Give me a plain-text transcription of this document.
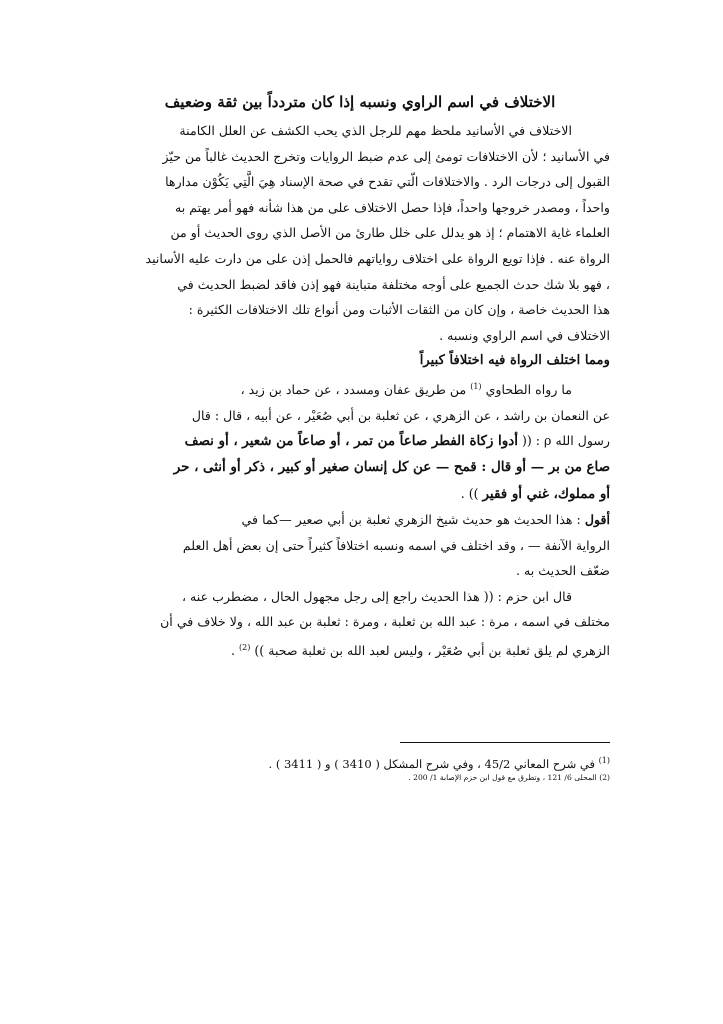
الاختلاف في اسم الراوي ونسبه إذا كان متردداً بين ثقة وضعيف

الاختلاف في الأسانيد ملحظ مهم للرجل الذي يحب الكشف عن العلل الكامنة

في الأسانيد ؛ لأن الاختلافات تومئ إلى عدم ضبط الروايات وتخرج الحديث غالباً من حيّز

القبول إلى درجات الرد . والاختلافات الّتي تقدح في صحة الإسناد هِيَ الَّتِي يَكُوْن مدارها

واحداً ، ومصدر خروجها واحداً، فإذا حصل الاختلاف على من هذا شأنه فهو أمر يهتم به

العلماء غاية الاهتمام ؛ إذ هو يدلل على خلل طارئ من الأصل الذي روى الحديث أو من

الرواة عنه . فإذا تويع الرواة على اختلاف رواياتهم فالحمل إذن على من دارت عليه الأسانيد

، فهو بلا شك حدث الجميع على أوجه مختلفة متباينة فهو إذن فاقد لضبط الحديث في

هذا الحديث خاصة ، وإن كان من الثقات الأثبات ومن أنواع تلك الاختلافات الكثيرة :

الاختلاف في اسم الراوي ونسبه .

ومما اختلف الرواة فيه اختلافاً كبيراً

ما رواه الطحاوي $^{(1)}$ من طريق عفان ومسدد ، عن حماد بن زيد ،

عن النعمان بن راشد ، عن الزهري ، عن ثعلبة بن أبي صُعَيْر ، عن أبيه ، قال : قال

رسول الله ρ : (( أدوا زكاة الفطر صاعاً من تمر ، أو صاعاً من شعير ، أو نصف

صاع من بر — أو قال : قمح — عن كل إنسان صغير أو كبير ، ذكر أو أنثى ، حر

أو مملوك، غني أو فقير )) .

أقول : هذا الحديث هو حديث شيخ الزهري ثعلبة بن أبي صعير —كما في

الرواية الآنفة — ، وقد اختلف في اسمه ونسبه اختلافاً كثيراً حتى إن بعض أهل العلم

ضعّف الحديث به .

قال ابن حزم : (( هذا الحديث راجع إلى رجل مجهول الحال ، مضطرب عنه ،

مختلف في اسمه ، مرة : عبد الله بن ثعلبة ، ومرة : ثعلبة بن عبد الله ، ولا خلاف في أن

الزهري لم يلق ثعلبة بن أبي صُعَيْر ، وليس لعبد الله بن ثعلبة صحبة )) $^{(2)}$ .

$^{(1)}$ في شرح المعاني 45/2 ، وفي شرح المشكل ( 3410 ) و ( 3411 ) .
(2) المحلى 6/ 121 ، وتطرق مع قول ابن حزم الإصابة 1/ 200 .
